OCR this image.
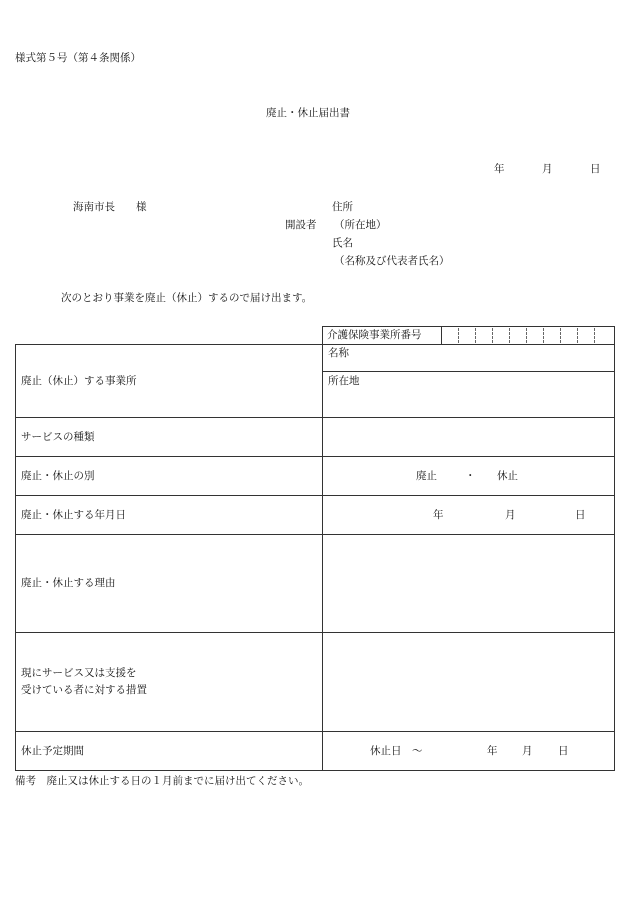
様式第５号（第４条関係）
廃止・休止届出書
年	月	日
海南市長　　様	住所
開設者 （所在地）
氏名
（名称及び代表者氏名）
次のとおり事業を廃止（休止）するので届け出ます。
介護保険事業所番号
廃止（休止）する事業所
名称
所在地
サービスの種類
廃止・休止の別	廃止	・ 休止
廃止・休止する年月日	年	月	日
廃止・休止する理由
現にサービス又は支援を
受けている者に対する措置
休止予定期間	休止日　～	年 月 日
備考　廃止又は休止する日の１月前までに届け出てください。
